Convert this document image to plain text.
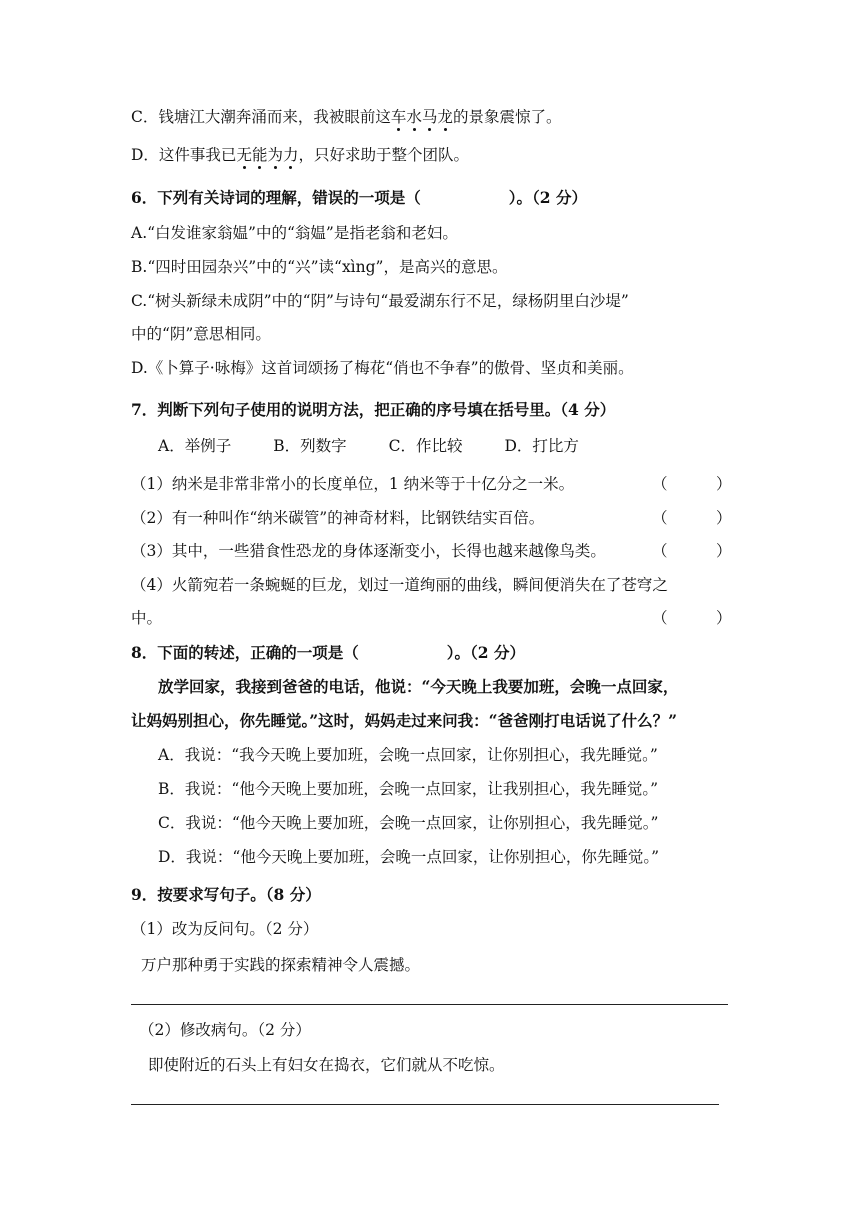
C．钱塘江大潮奔涌而来，我被眼前这车水马龙的景象震惊了。
D．这件事我已无能为力，只好求助于整个团队。
6．下列有关诗词的理解，错误的一项是（	）。（2 分）
A.“白发谁家翁媪”中的“翁媪”是指老翁和老妇。
B.“四时田园杂兴”中的“兴”读“xìng”，是高兴的意思。
C.“树头新绿未成阴”中的“阴”与诗句“最爱湖东行不足，绿杨阴里白沙堤”
中的“阴”意思相同。
D.《卜算子·咏梅》这首词颂扬了梅花“俏也不争春”的傲骨、坚贞和美丽。
7．判断下列句子使用的说明方法，把正确的序号填在括号里。（4 分）
A．举例子	B．列数字	C．作比较	D．打比方
（1）纳米是非常非常小的长度单位，1 纳米等于十亿分之一米。	（	）
（2）有一种叫作“纳米碳管”的神奇材料，比钢铁结实百倍。	（	）
（3）其中，一些猎食性恐龙的身体逐渐变小，长得也越来越像鸟类。	（	）
（4）火箭宛若一条蜿蜒的巨龙，划过一道绚丽的曲线，瞬间便消失在了苍穹之
中。	（	）
8．下面的转述，正确的一项是（	）。（2 分）
放学回家，我接到爸爸的电话，他说：“今天晚上我要加班，会晚一点回家，
让妈妈别担心，你先睡觉。”这时，妈妈走过来问我：“爸爸刚打电话说了什么？”
A．我说：“我今天晚上要加班，会晚一点回家，让你别担心，我先睡觉。”
B．我说：“他今天晚上要加班，会晚一点回家，让我别担心，我先睡觉。”
C．我说：“他今天晚上要加班，会晚一点回家，让你别担心，我先睡觉。”
D．我说：“他今天晚上要加班，会晚一点回家，让你别担心，你先睡觉。”
9．按要求写句子。（8 分）
（1）改为反问句。（2 分）
万户那种勇于实践的探索精神令人震撼。
（2）修改病句。（2 分）
即使附近的石头上有妇女在捣衣，它们就从不吃惊。
